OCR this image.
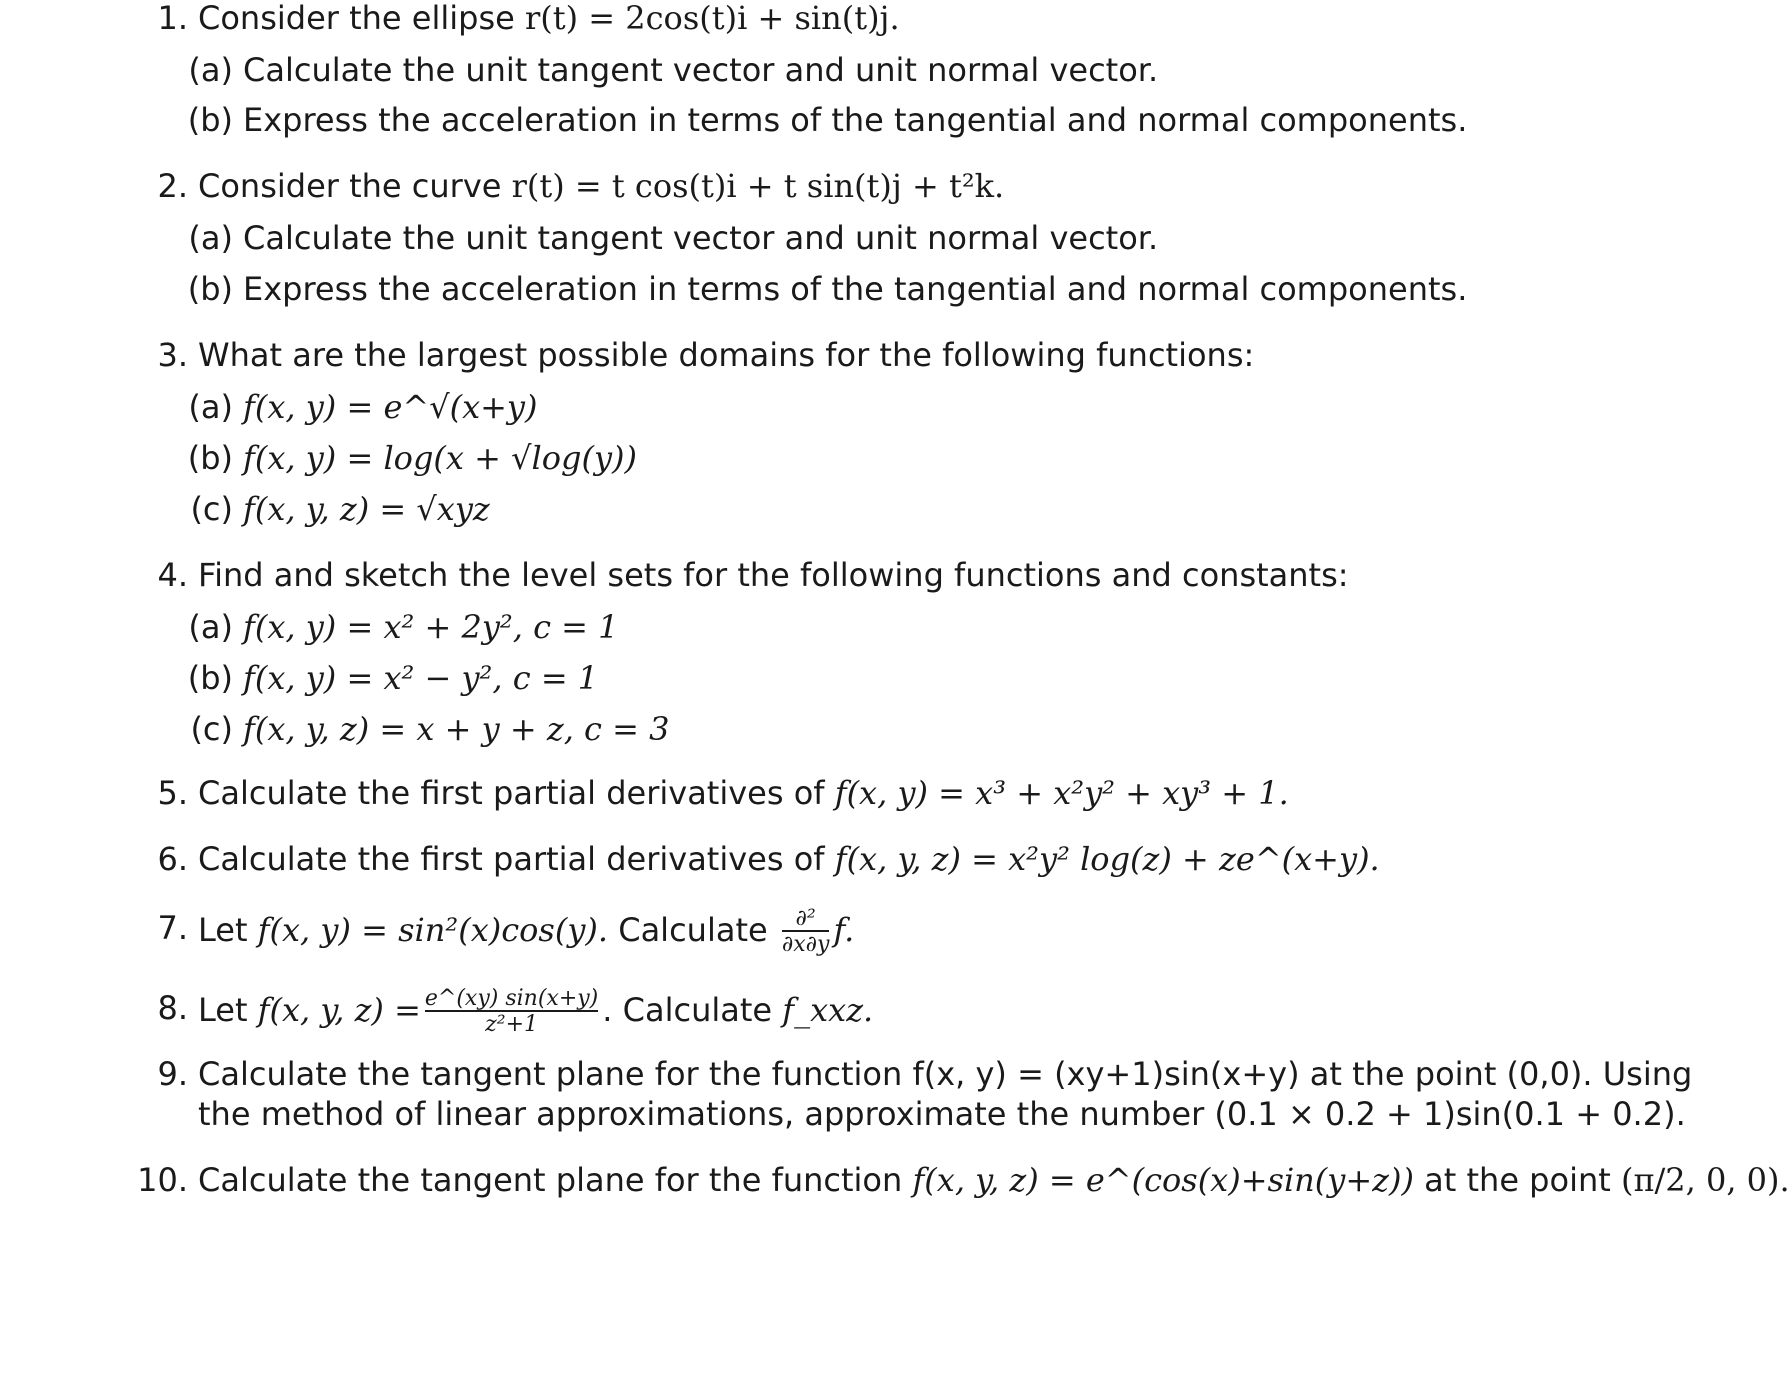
1. Consider the ellipse r(t) = 2cos(t)i + sin(t)j.
(a) Calculate the unit tangent vector and unit normal vector.
(b) Express the acceleration in terms of the tangential and normal components.
2. Consider the curve r(t) = t cos(t)i + t sin(t)j + t²k.
(a) Calculate the unit tangent vector and unit normal vector.
(b) Express the acceleration in terms of the tangential and normal components.
3. What are the largest possible domains for the following functions:
(a) f(x, y) = e^√(x+y)
(b) f(x, y) = log(x + √log(y))
(c) f(x, y, z) = √xyz
4. Find and sketch the level sets for the following functions and constants:
(a) f(x, y) = x² + 2y², c = 1
(b) f(x, y) = x² − y², c = 1
(c) f(x, y, z) = x + y + z, c = 3
5. Calculate the first partial derivatives of f(x, y) = x³ + x²y² + xy³ + 1.
6. Calculate the first partial derivatives of f(x, y, z) = x²y² log(z) + ze^(x+y).
7. Let f(x, y) = sin²(x)cos(y). Calculate $\frac{\text{∂²}}{\partial x\partial y} f$.
8. Let f(x, y, $z) = \frac{e\^{}(xy) \sin(x+y)}{\text{z²+1}}$ . Calculate f_xxz.
9. Calculate the tangent plane for the function f(x, y) = (xy+1)sin(x+y) at the point (0,0). Using
the method of linear approximations, approximate the number (0.1 × 0.2 + 1)sin(0.1 + 0.2).
10. Calculate the tangent plane for the function f(x, y, z) = e^(cos(x)+sin(y+z)) at the point (π/2, 0, 0).
